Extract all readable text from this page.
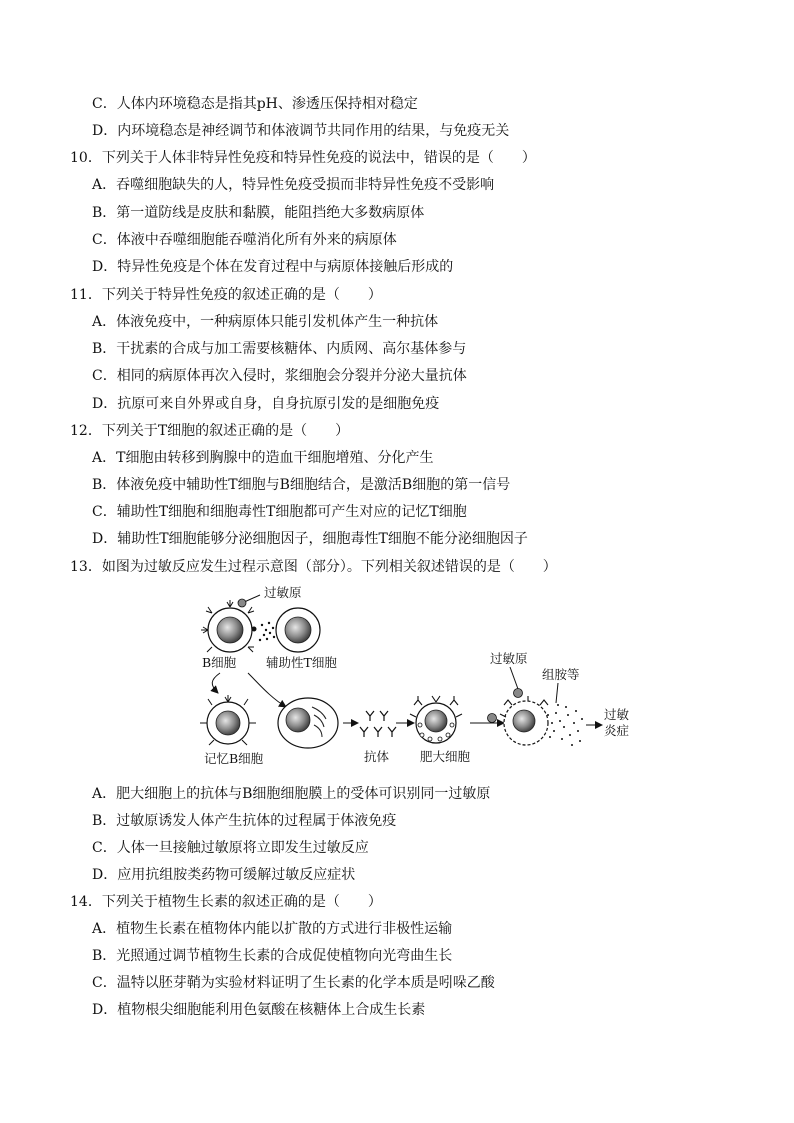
C．人体内环境稳态是指其pH、渗透压保持相对稳定
D．内环境稳态是神经调节和体液调节共同作用的结果，与免疫无关
10．下列关于人体非特异性免疫和特异性免疫的说法中，错误的是（　　）
A．吞噬细胞缺失的人，特异性免疫受损而非特异性免疫不受影响
B．第一道防线是皮肤和黏膜，能阻挡绝大多数病原体
C．体液中吞噬细胞能吞噬消化所有外来的病原体
D．特异性免疫是个体在发育过程中与病原体接触后形成的
11．下列关于特异性免疫的叙述正确的是（　　）
A．体液免疫中，一种病原体只能引发机体产生一种抗体
B．干扰素的合成与加工需要核糖体、内质网、高尔基体参与
C．相同的病原体再次入侵时，浆细胞会分裂并分泌大量抗体
D．抗原可来自外界或自身，自身抗原引发的是细胞免疫
12．下列关于T细胞的叙述正确的是（　　）
A．T细胞由转移到胸腺中的造血干细胞增殖、分化产生
B．体液免疫中辅助性T细胞与B细胞结合，是激活B细胞的第一信号
C．辅助性T细胞和细胞毒性T细胞都可产生对应的记忆T细胞
D．辅助性T细胞能够分泌细胞因子，细胞毒性T细胞不能分泌细胞因子
13．如图为过敏反应发生过程示意图（部分）。下列相关叙述错误的是（　　）
过敏原
B细胞 辅助性T细胞
记忆B细胞	抗体 肥大细胞
过敏原
组胺等
过敏
炎症
A．肥大细胞上的抗体与B细胞细胞膜上的受体可识别同一过敏原
B．过敏原诱发人体产生抗体的过程属于体液免疫
C．人体一旦接触过敏原将立即发生过敏反应
D．应用抗组胺类药物可缓解过敏反应症状
14．下列关于植物生长素的叙述正确的是（　　）
A．植物生长素在植物体内能以扩散的方式进行非极性运输
B．光照通过调节植物生长素的合成促使植物向光弯曲生长
C．温特以胚芽鞘为实验材料证明了生长素的化学本质是吲哚乙酸
D．植物根尖细胞能利用色氨酸在核糖体上合成生长素
